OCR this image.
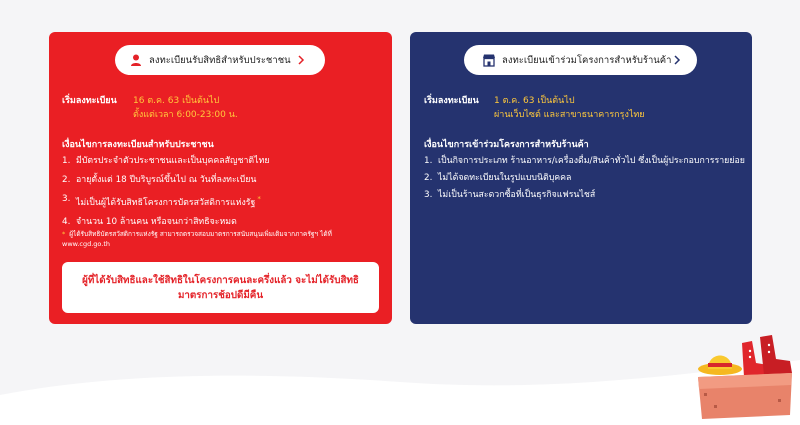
ลงทะเบียนรับสิทธิสำหรับประชาชน
เริ่มลงทะเบียน 16 ต.ค. 63 เป็นต้นไป
ตั้งแต่เวลา 6:00-23:00 น.
เงื่อนไขการลงทะเบียนสำหรับประชาชน
1. มีบัตรประจำตัวประชาชนและเป็นบุคคลสัญชาติไทย
2. อายุตั้งแต่ 18 ปีบริบูรณ์ขึ้นไป ณ วันที่ลงทะเบียน
3. ไม่เป็นผู้ได้รับสิทธิโครงการบัตรสวัสดิการแห่งรัฐ *
4. จำนวน 10 ล้านคน หรือจนกว่าสิทธิจะหมด
* ผู้ได้รับสิทธิบัตรสวัสดิการแห่งรัฐ สามารถตรวจสอบมาตรการสนับสนุนเพิ่มเติมจากภาครัฐฯ ได้ที่
www.cgd.go.th
ผู้ที่ได้รับสิทธิและใช้สิทธิในโครงการคนละครึ่งแล้ว จะไม่ได้รับสิทธิ
มาตรการช้อปดีมีคืน
ลงทะเบียนเข้าร่วมโครงการสำหรับร้านค้า
เริ่มลงทะเบียน 1 ต.ค. 63 เป็นต้นไป
ผ่านเว็บไซต์ และสาขาธนาคารกรุงไทย
เงื่อนไขการเข้าร่วมโครงการสำหรับร้านค้า
1. เป็นกิจการประเภท ร้านอาหาร/เครื่องดื่ม/สินค้าทั่วไป ซึ่งเป็นผู้ประกอบการรายย่อย
2. ไม่ได้จดทะเบียนในรูปแบบนิติบุคคล
3. ไม่เป็นร้านสะดวกซื้อที่เป็นธุรกิจแฟรนไชส์
